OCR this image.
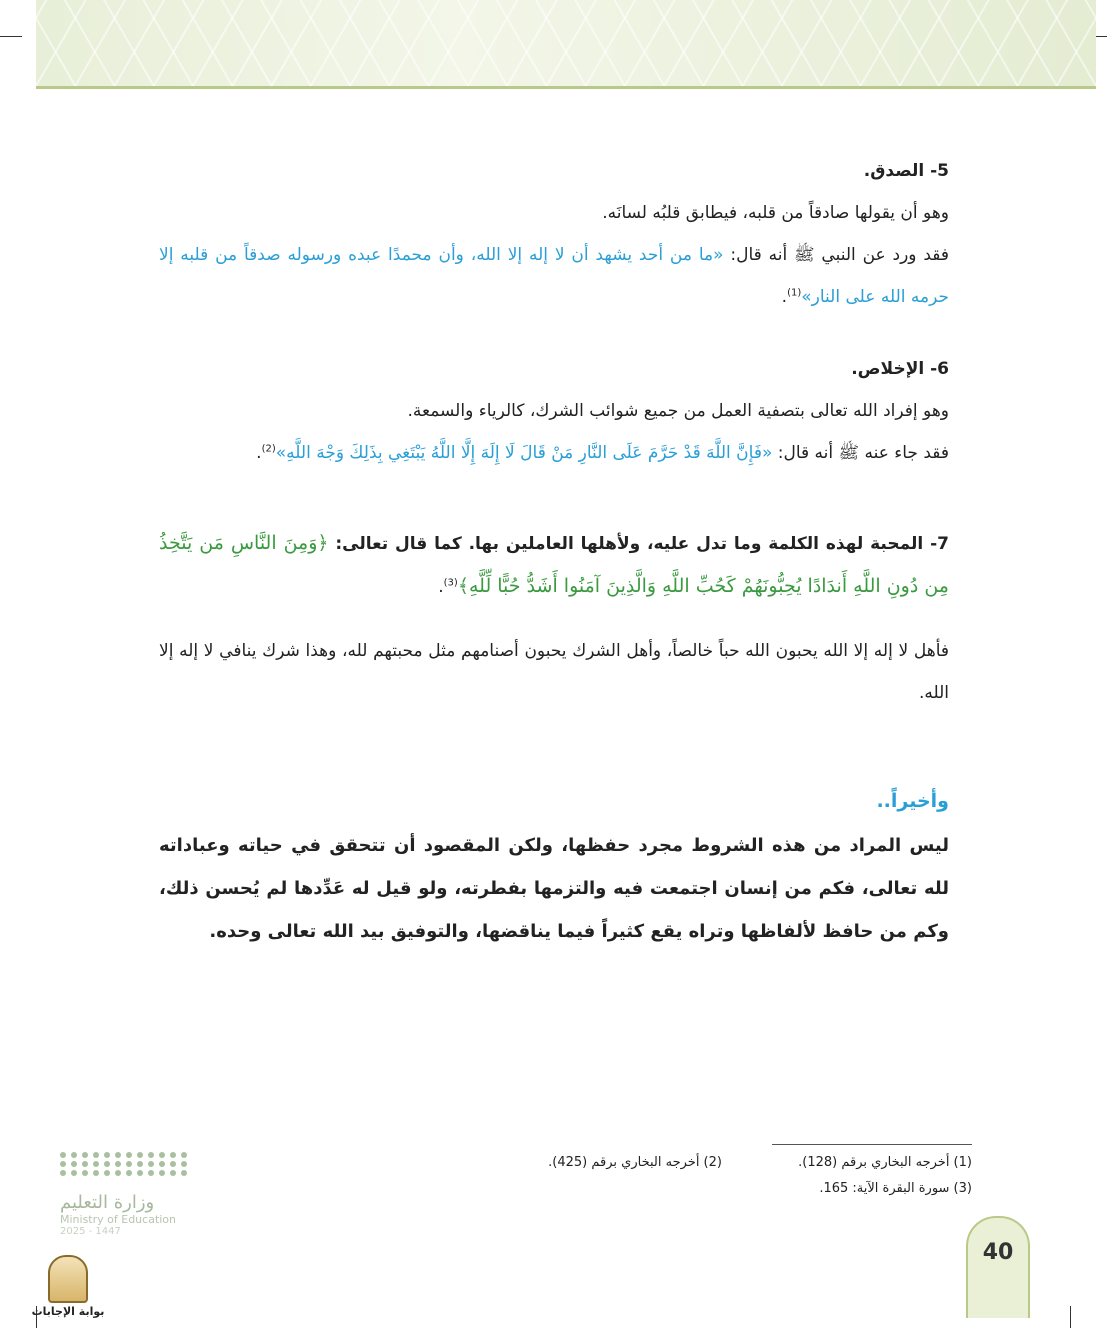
5- الصدق.
وهو أن يقولها صادقاً من قلبه، فيطابق قلبُه لسانَه.
فقد ورد عن النبي ﷺ أنه قال: «ما من أحد يشهد أن لا إله إلا الله، وأن محمدًا عبده ورسوله صدقاً من قلبه إلا حرمه الله على النار»$^{(1)}$.
6- الإخلاص.
وهو إفراد الله تعالى بتصفية العمل من جميع شوائب الشرك، كالرياء والسمعة.
فقد جاء عنه ﷺ أنه قال: «فَإِنَّ اللَّهَ قَدْ حَرَّمَ عَلَى النَّارِ مَنْ قَالَ لَا إِلَهَ إِلَّا اللَّهُ يَبْتَغِي بِذَلِكَ وَجْهَ اللَّهِ»$^{(2)}$.
7- المحبة لهذه الكلمة وما تدل عليه، ولأهلها العاملين بها. كما قال تعالى: ﴿وَمِنَ النَّاسِ مَن يَتَّخِذُ مِن دُونِ اللَّهِ أَندَادًا يُحِبُّونَهُمْ كَحُبِّ اللَّهِ وَالَّذِينَ آمَنُوا أَشَدُّ حُبًّا لِّلَّهِ﴾$^{(3)}$.
فأهل لا إله إلا الله يحبون الله حباً خالصاً، وأهل الشرك يحبون أصنامهم مثل محبتهم لله، وهذا شرك ينافي لا إله إلا الله.
وأخيراً..
ليس المراد من هذه الشروط مجرد حفظها، ولكن المقصود أن تتحقق في حياته وعباداته لله تعالى، فكم من إنسان اجتمعت فيه والتزمها بفطرته، ولو قيل له عَدِّدها لم يُحسن ذلك، وكم من حافظ لألفاظها وتراه يقع كثيراً فيما يناقضها، والتوفيق بيد الله تعالى وحده.
(1) أخرجه البخاري برقم (128).
(2) أخرجه البخاري برقم (425).
(3) سورة البقرة الآية: 165.
وزارة التعليم
Ministry of Education
2025 - 1447
بوابة الإجابات
40
